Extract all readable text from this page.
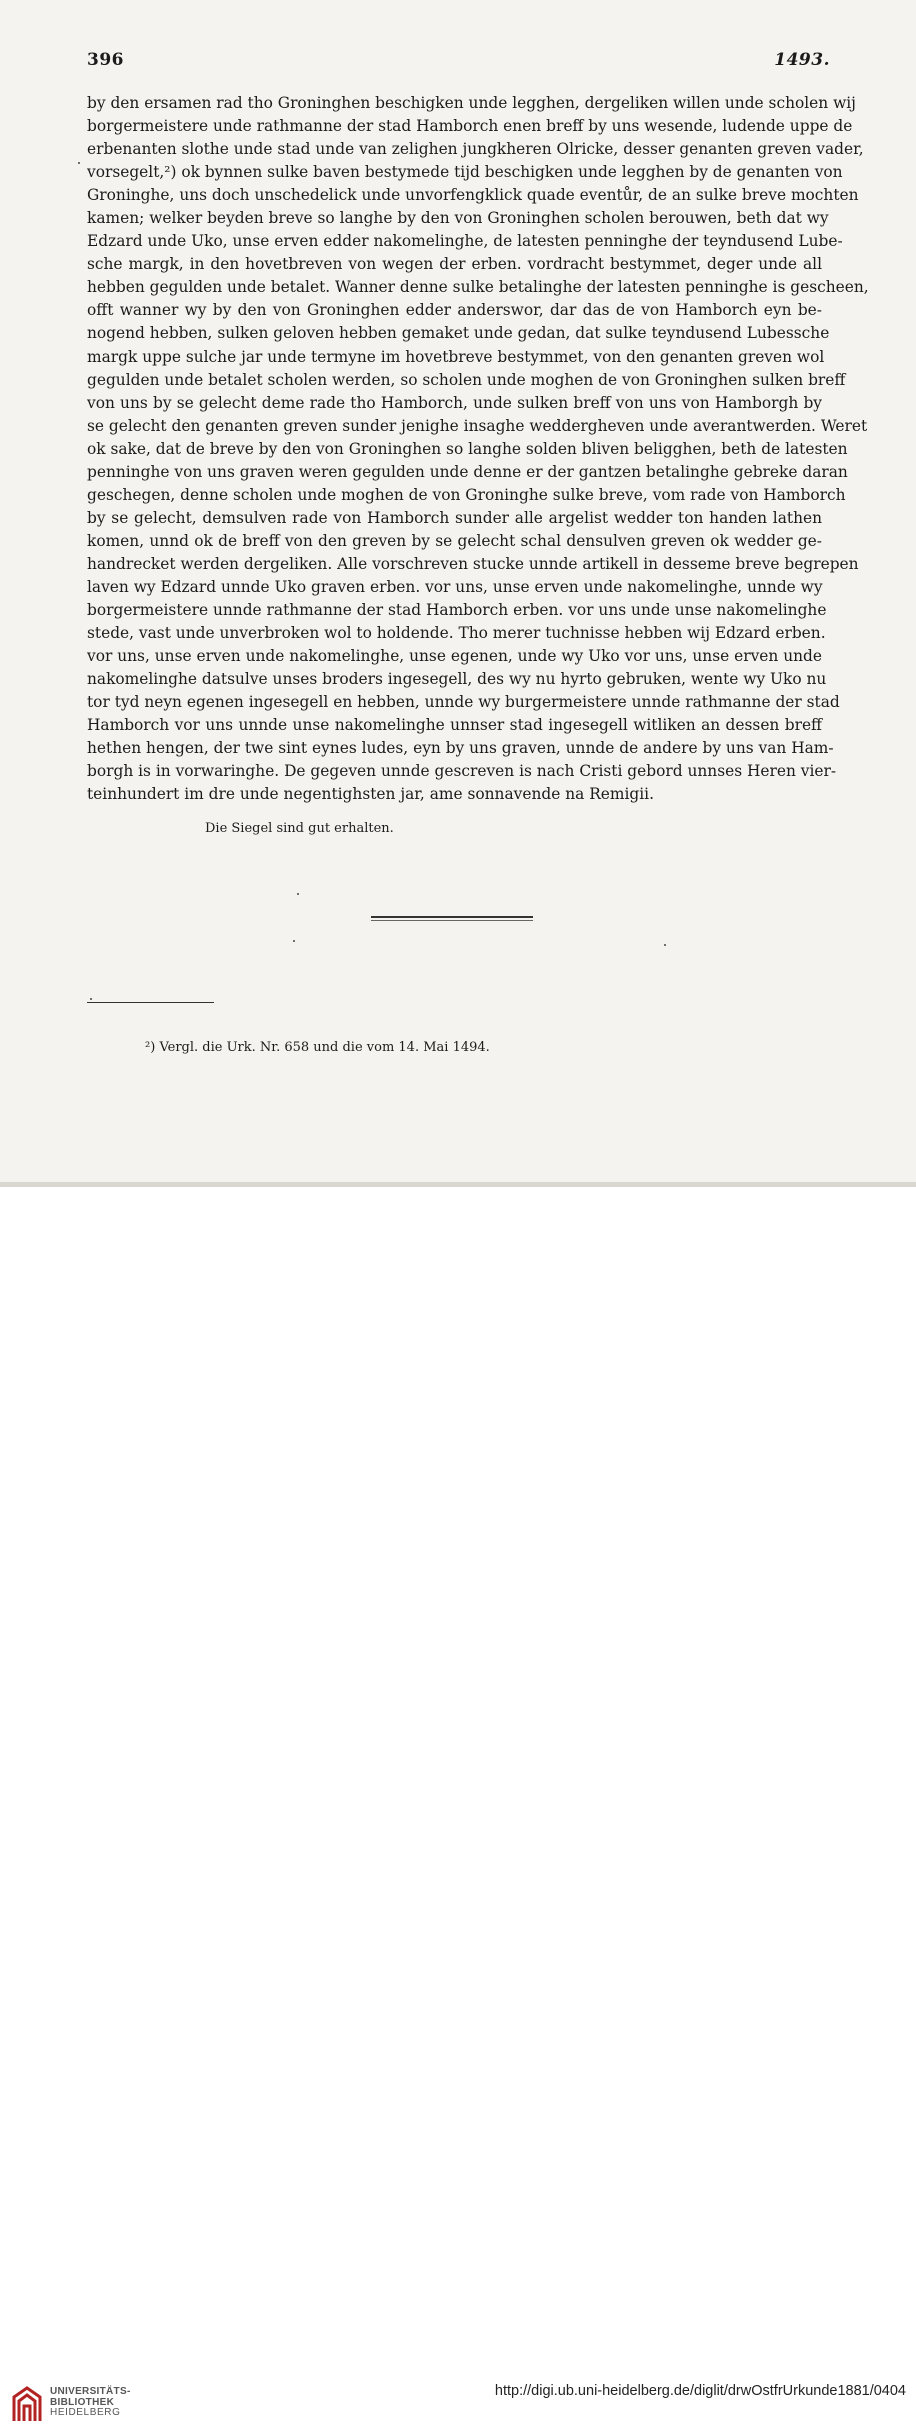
396	1493.
by den ersamen rad tho Groninghen beschigken unde legghen, dergeliken willen unde scholen wij
borgermeistere unde rathmanne der stad Hamborch enen breff by uns wesende, ludende uppe de
erbenanten slothe unde stad unde van zelighen jungkheren Olricke, desser genanten greven vader,
vorsegelt,²) ok bynnen sulke baven bestymede tijd beschigken unde legghen by de genanten von
Groninghe, uns doch unschedelick unde unvorfengklick quade eventůr, de an sulke breve mochten
kamen; welker beyden breve so langhe by den von Groninghen scholen berouwen, beth dat wy
Edzard unde Uko, unse erven edder nakomelinghe, de latesten penninghe der teyndusend Lube-
sche margk, in den hovetbreven von wegen der erben. vordracht bestymmet, deger unde all
hebben gegulden unde betalet. Wanner denne sulke betalinghe der latesten penninghe is gescheen,
offt wanner wy by den von Groninghen edder anderswor, dar das de von Hamborch eyn be-
nogend hebben, sulken geloven hebben gemaket unde gedan, dat sulke teyndusend Lubessche
margk uppe sulche jar unde termyne im hovetbreve bestymmet, von den genanten greven wol
gegulden unde betalet scholen werden, so scholen unde moghen de von Groninghen sulken breff
von uns by se gelecht deme rade tho Hamborch, unde sulken breff von uns von Hamborgh by
se gelecht den genanten greven sunder jenighe insaghe weddergheven unde averantwerden. Weret
ok sake, dat de breve by den von Groninghen so langhe solden bliven beligghen, beth de latesten
penninghe von uns graven weren gegulden unde denne er der gantzen betalinghe gebreke daran
geschegen, denne scholen unde moghen de von Groninghe sulke breve, vom rade von Hamborch
by se gelecht, demsulven rade von Hamborch sunder alle argelist wedder ton handen lathen
komen, unnd ok de breff von den greven by se gelecht schal densulven greven ok wedder ge-
handrecket werden dergeliken. Alle vorschreven stucke unnde artikell in desseme breve begrepen
laven wy Edzard unnde Uko graven erben. vor uns, unse erven unde nakomelinghe, unnde wy
borgermeistere unnde rathmanne der stad Hamborch erben. vor uns unde unse nakomelinghe
stede, vast unde unverbroken wol to holdende. Tho merer tuchnisse hebben wij Edzard erben.
vor uns, unse erven unde nakomelinghe, unse egenen, unde wy Uko vor uns, unse erven unde
nakomelinghe datsulve unses broders ingesegell, des wy nu hyrto gebruken, wente wy Uko nu
tor tyd neyn egenen ingesegell en hebben, unnde wy burgermeistere unnde rathmanne der stad
Hamborch vor uns unnde unse nakomelinghe unnser stad ingesegell witliken an dessen breff
hethen hengen, der twe sint eynes ludes, eyn by uns graven, unnde de andere by uns van Ham-
borgh is in vorwaringhe. De gegeven unnde gescreven is nach Cristi gebord unnses Heren vier-
teinhundert im dre unde negentighsten jar, ame sonnavende na Remigii.
Die Siegel sind gut erhalten.
²) Vergl. die Urk. Nr. 658 und die vom 14. Mai 1494.
UNIVERSITÄTS-
BIBLIOTHEK
HEIDELBERG
http://digi.ub.uni-heidelberg.de/diglit/drwOstfrUrkunde1881/0404
